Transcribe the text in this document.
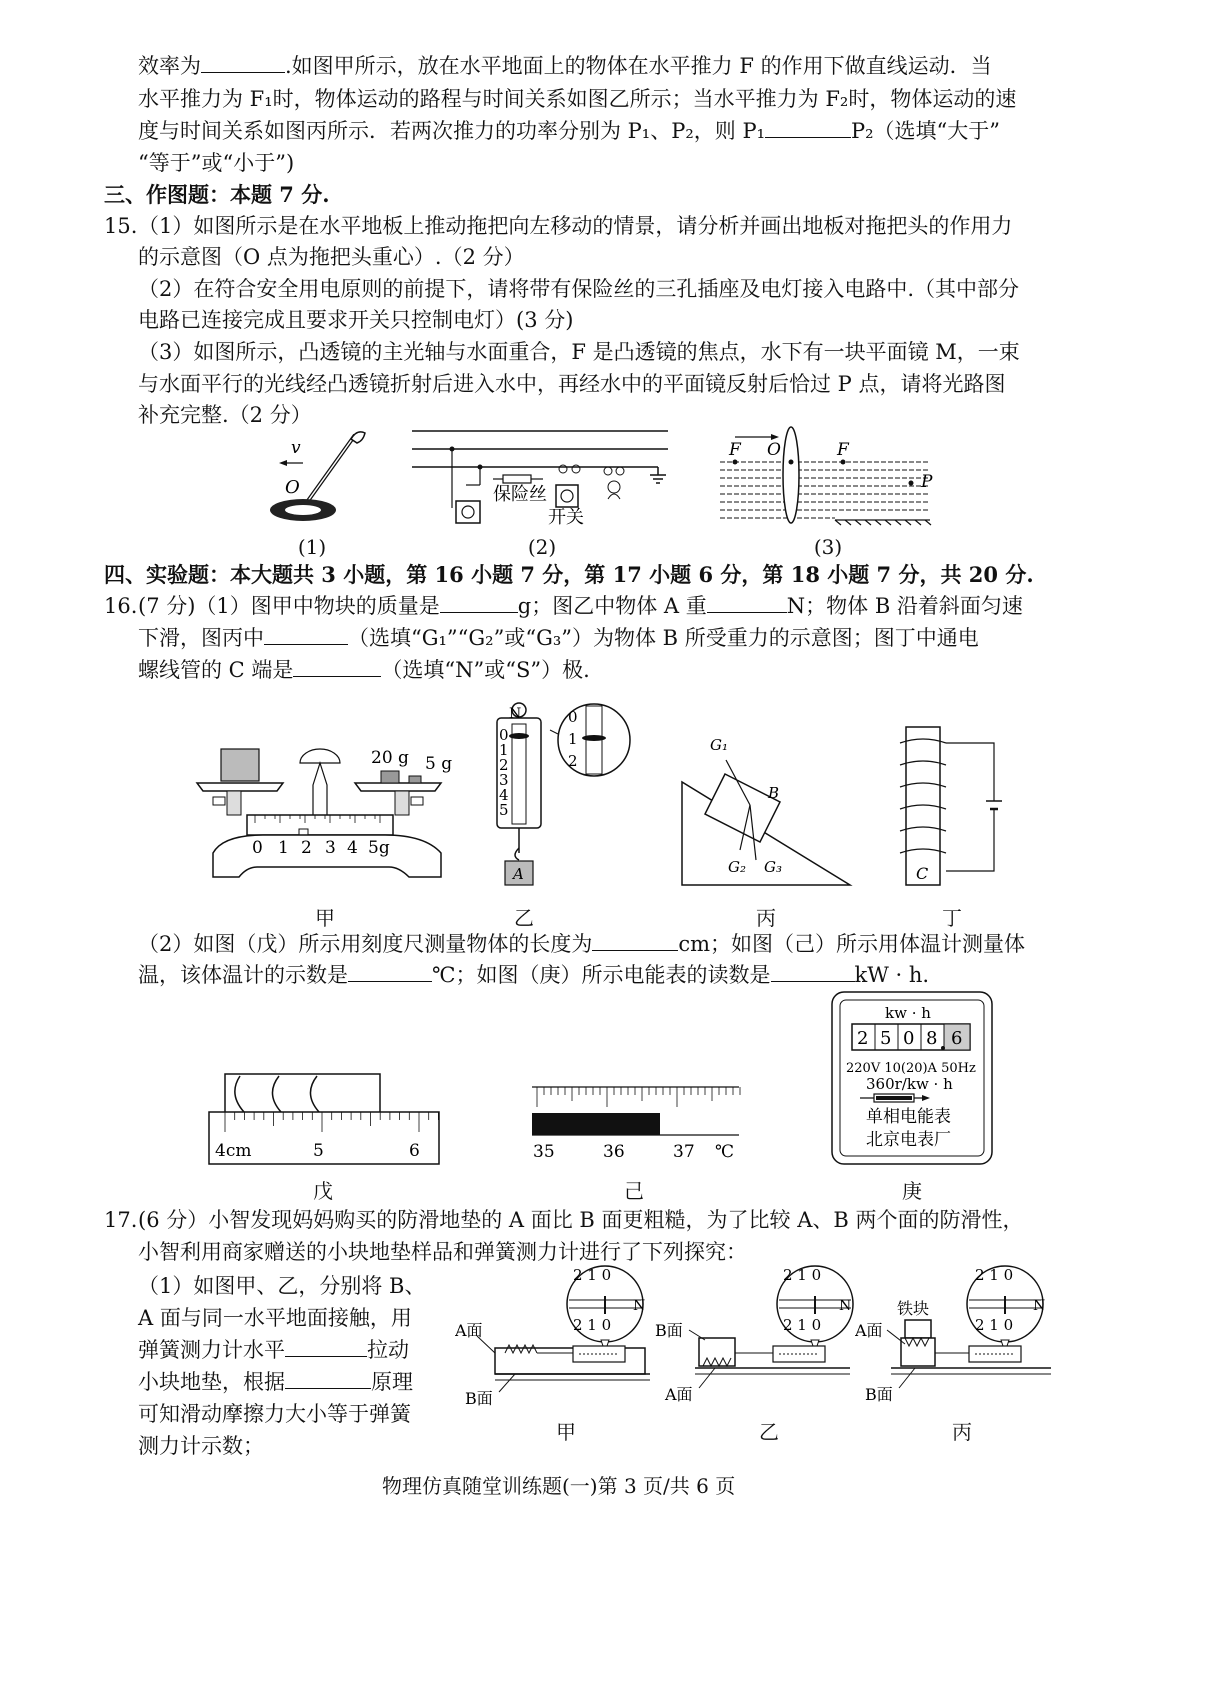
效率为	.如图甲所示，放在水平地面上的物体在水平推力 F 的作用下做直线运动．当
水平推力为 F₁时，物体运动的路程与时间关系如图乙所示；当水平推力为 F₂时，物体运动的速
度与时间关系如图丙所示．若两次推力的功率分别为 P₁、P₂，则 P₁	P₂（选填“大于”
“等于”或“小于”)
三、作图题：本题 7 分.
15. （1）如图所示是在水平地板上推动拖把向左移动的情景，请分析并画出地板对拖把头的作用力
的示意图（O 点为拖把头重心）.（2 分）
（2）在符合安全用电原则的前提下，请将带有保险丝的三孔插座及电灯接入电路中.（其中部分
电路已连接完成且要求开关只控制电灯）(3 分)
（3）如图所示，凸透镜的主光轴与水面重合，F 是凸透镜的焦点，水下有一块平面镜 M，一束
与水面平行的光线经凸透镜折射后进入水中，再经水中的平面镜反射后恰过 P 点，请将光路图
补充完整.（2 分）
v
O
(1)
保险丝
开关
(2)
F O	F
P
(3)
四、实验题：本大题共 3 小题，第 16 小题 7 分，第 17 小题 6 分，第 18 小题 7 分，共 20 分.
16. (7 分)（1）图甲中物块的质量是	g；图乙中物体 A 重	N；物体 B 沿着斜面匀速
下滑，图丙中	（选填“G₁”“G₂”或“G₃”）为物体 B 所受重力的示意图；图丁中通电
螺线管的 C 端是	（选填“N”或“S”）极.
0 1 2 3 4 5g
20 g 5 g
甲
N
0
1
2
3
4
5
0
1
2
A
乙
G₁
B
G₂ G₃
丙
C
丁
（2）如图（戊）所示用刻度尺测量物体的长度为	cm；如图（己）所示用体温计测量体
温，该体温计的示数是	℃；如图（庚）所示电能表的读数是	kW · h.
4cm	5	6
戊
35	36	37 ℃
己
kw · h
2 5 0 8 6
220V 10(20)A 50Hz
360r/kw · h
单相电能表
北京电表厂
庚
17. (6 分）小智发现妈妈购买的防滑地垫的 A 面比 B 面更粗糙，为了比较 A、B 两个面的防滑性，
小智利用商家赠送的小块地垫样品和弹簧测力计进行了下列探究：
（1）如图甲、乙，分别将 B、
A 面与同一水平地面接触，用
弹簧测力计水平	拉动
小块地垫，根据	原理
可知滑动摩擦力大小等于弹簧
测力计示数；
2 1 0
2 1 0
N
A面
B面
甲
2 1 0
2 1 0
N
B面
A面
乙
2 1 0
2 1 0
N
铁块
A面
B面
丙
物理仿真随堂训练题(一)第 3 页/共 6 页
